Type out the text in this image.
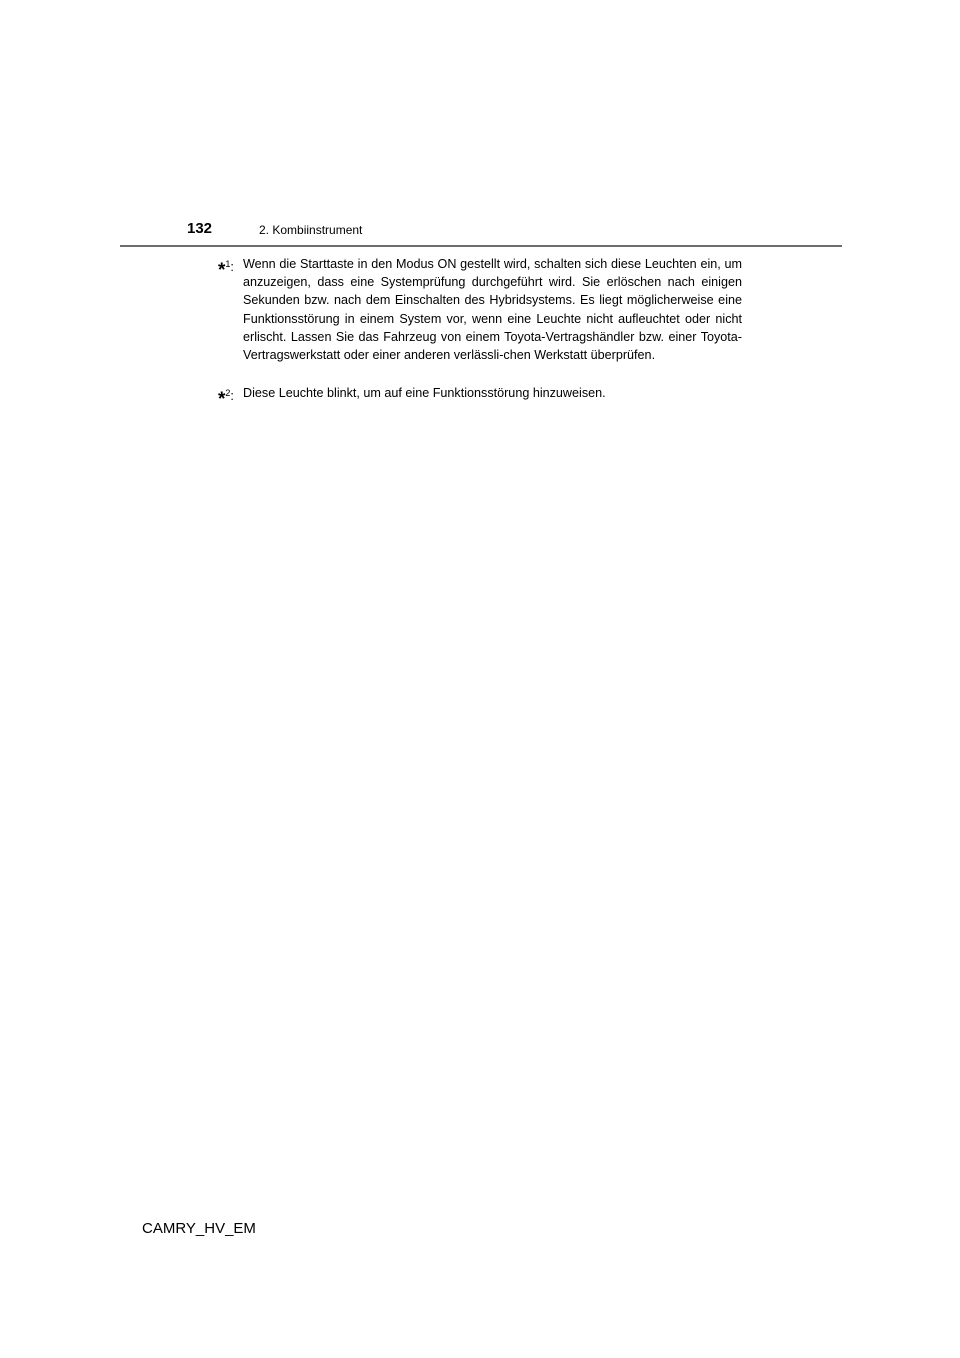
132	2. Kombiinstrument
*$^1$: Wenn die Starttaste in den Modus ON gestellt wird, schalten sich diese Leuchten ein, um anzuzeigen, dass eine Systemprüfung durchgeführt wird. Sie erlöschen nach einigen Sekunden bzw. nach dem Einschalten des Hybridsystems. Es liegt möglicherweise eine Funktionsstörung in einem System vor, wenn eine Leuchte nicht aufleuchtet oder nicht erlischt. Lassen Sie das Fahrzeug von einem Toyota-Vertragshändler bzw. einer Toyota-Vertragswerkstatt oder einer anderen verlässli-chen Werkstatt überprüfen.
*$^2$: Diese Leuchte blinkt, um auf eine Funktionsstörung hinzuweisen.
CAMRY_HV_EM
